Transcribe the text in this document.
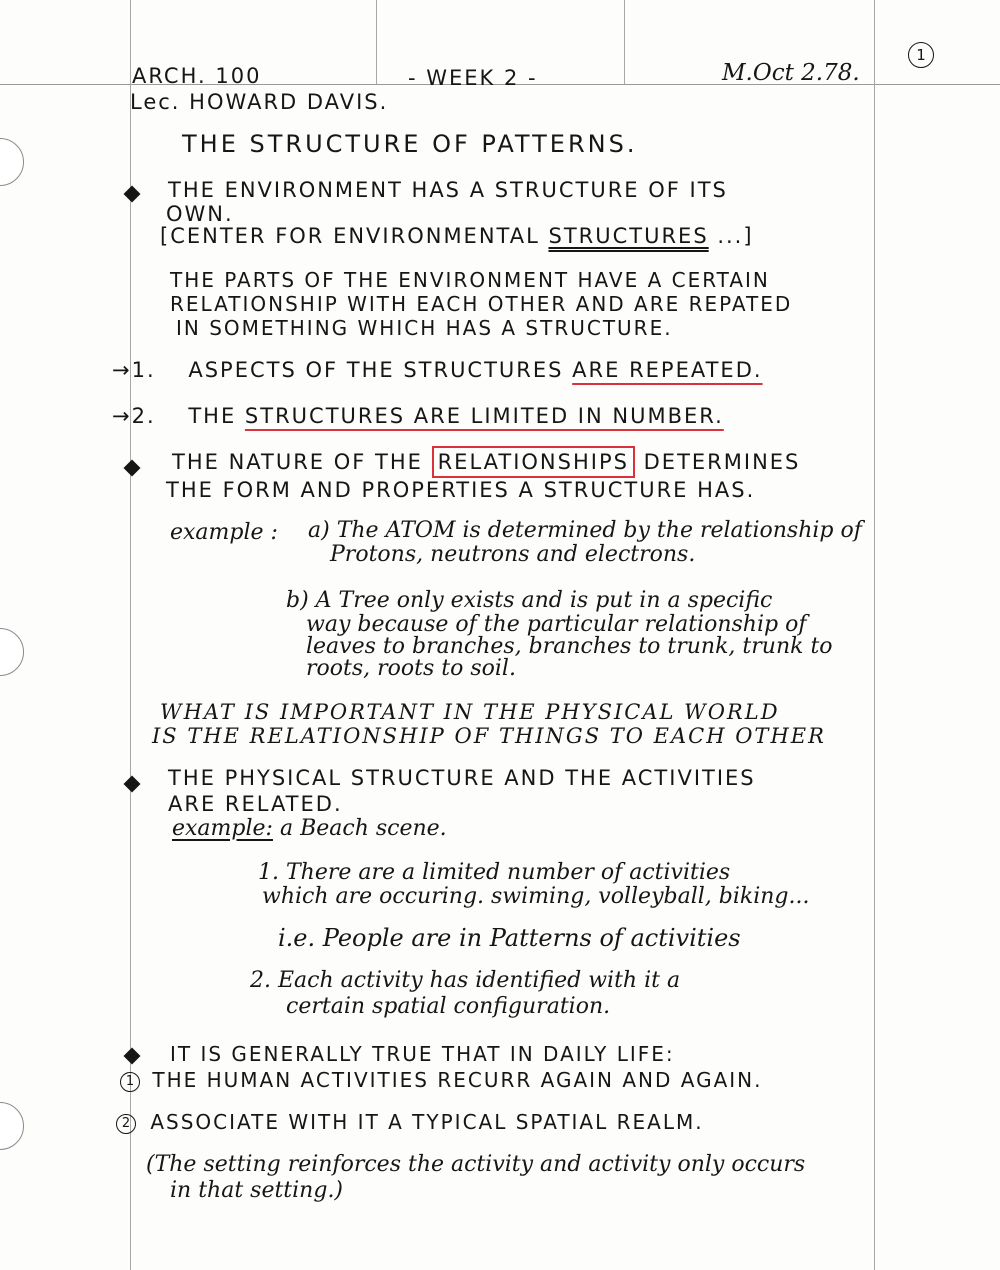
ARCH. 100	- WEEK 2 -	M.Oct 2.78.
1
Lec. HOWARD DAVIS.
THE STRUCTURE OF PATTERNS.
THE ENVIRONMENT HAS A STRUCTURE OF ITS
OWN.
[CENTER FOR ENVIRONMENTAL STRUCTURES ...]
THE PARTS OF THE ENVIRONMENT HAVE A CERTAIN
RELATIONSHIP WITH EACH OTHER AND ARE REPATED
IN SOMETHING WHICH HAS A STRUCTURE.
→1. ASPECTS OF THE STRUCTURES ARE REPEATED.
→2. THE STRUCTURES ARE LIMITED IN NUMBER.
THE NATURE OF THE RELATIONSHIPS DETERMINES
THE FORM AND PROPERTIES A STRUCTURE HAS.
example : a) The ATOM is determined by the relationship of
Protons, neutrons and electrons.
b) A Tree only exists and is put in a specific
way because of the particular relationship of
leaves to branches, branches to trunk, trunk to
roots, roots to soil.
WHAT IS IMPORTANT IN THE PHYSICAL WORLD
IS THE RELATIONSHIP OF THINGS TO EACH OTHER
THE PHYSICAL STRUCTURE AND THE ACTIVITIES
ARE RELATED.
example: a Beach scene.
1. There are a limited number of activities
which are occuring. swiming, volleyball, biking...
i.e. People are in Patterns of activities
2. Each activity has identified with it a
certain spatial configuration.
IT IS GENERALLY TRUE THAT IN DAILY LIFE:
1 THE HUMAN ACTIVITIES RECURR AGAIN AND AGAIN.
2 ASSOCIATE WITH IT A TYPICAL SPATIAL REALM.
(The setting reinforces the activity and activity only occurs
in that setting.)
